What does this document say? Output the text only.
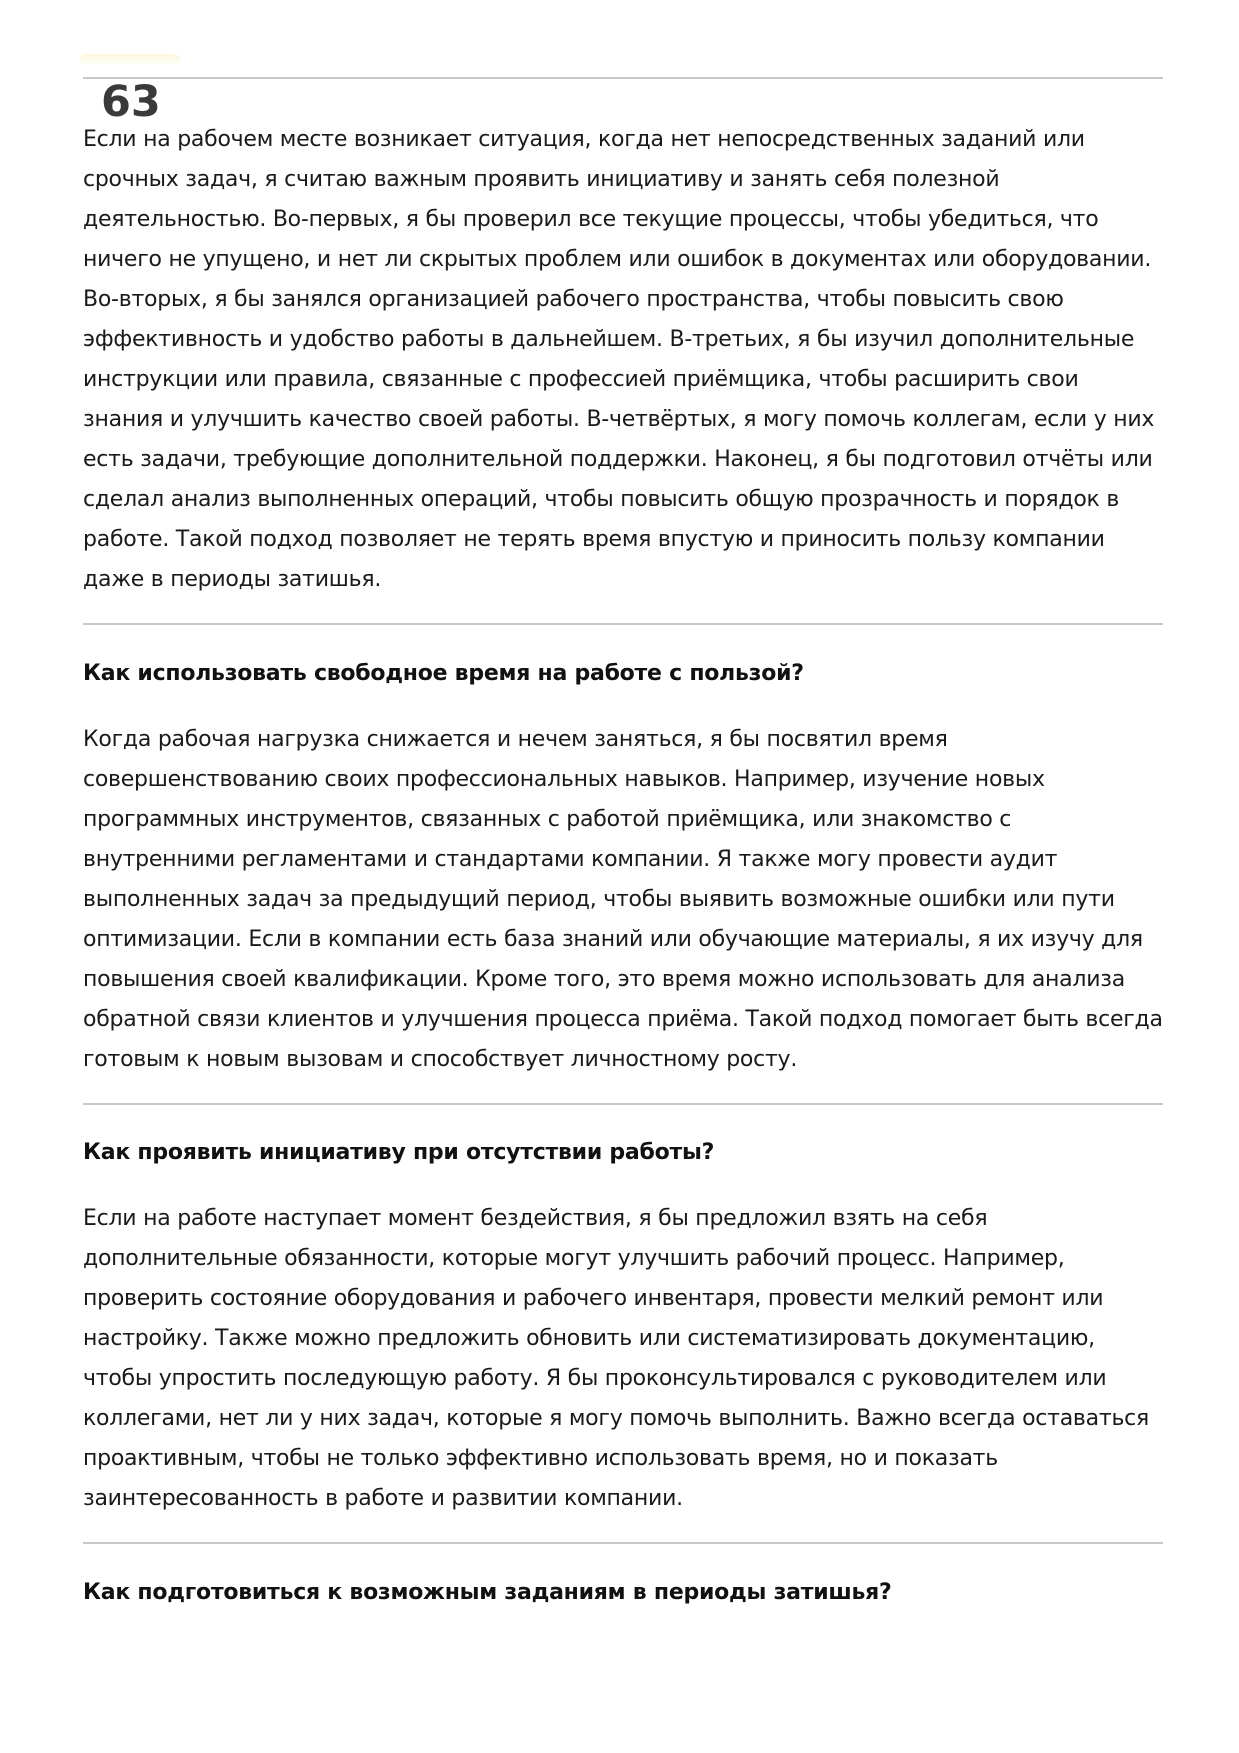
63

Если на рабочем месте возникает ситуация, когда нет непосредственных заданий или срочных задач, я считаю важным проявить инициативу и занять себя полезной деятельностью. Во-первых, я бы проверил все текущие процессы, чтобы убедиться, что ничего не упущено, и нет ли скрытых проблем или ошибок в документах или оборудовании. Во-вторых, я бы занялся организацией рабочего пространства, чтобы повысить свою эффективность и удобство работы в дальнейшем. В-третьих, я бы изучил дополнительные инструкции или правила, связанные с профессией приёмщика, чтобы расширить свои знания и улучшить качество своей работы. В-четвёртых, я могу помочь коллегам, если у них есть задачи, требующие дополнительной поддержки. Наконец, я бы подготовил отчёты или сделал анализ выполненных операций, чтобы повысить общую прозрачность и порядок в работе. Такой подход позволяет не терять время впустую и приносить пользу компании даже в периоды затишья.

Как использовать свободное время на работе с пользой?

Когда рабочая нагрузка снижается и нечем заняться, я бы посвятил время совершенствованию своих профессиональных навыков. Например, изучение новых программных инструментов, связанных с работой приёмщика, или знакомство с внутренними регламентами и стандартами компании. Я также могу провести аудит выполненных задач за предыдущий период, чтобы выявить возможные ошибки или пути оптимизации. Если в компании есть база знаний или обучающие материалы, я их изучу для повышения своей квалификации. Кроме того, это время можно использовать для анализа обратной связи клиентов и улучшения процесса приёма. Такой подход помогает быть всегда готовым к новым вызовам и способствует личностному росту.

Как проявить инициативу при отсутствии работы?

Если на работе наступает момент бездействия, я бы предложил взять на себя дополнительные обязанности, которые могут улучшить рабочий процесс. Например, проверить состояние оборудования и рабочего инвентаря, провести мелкий ремонт или настройку. Также можно предложить обновить или систематизировать документацию, чтобы упростить последующую работу. Я бы проконсультировался с руководителем или коллегами, нет ли у них задач, которые я могу помочь выполнить. Важно всегда оставаться проактивным, чтобы не только эффективно использовать время, но и показать заинтересованность в работе и развитии компании.

Как подготовиться к возможным заданиям в периоды затишья?
